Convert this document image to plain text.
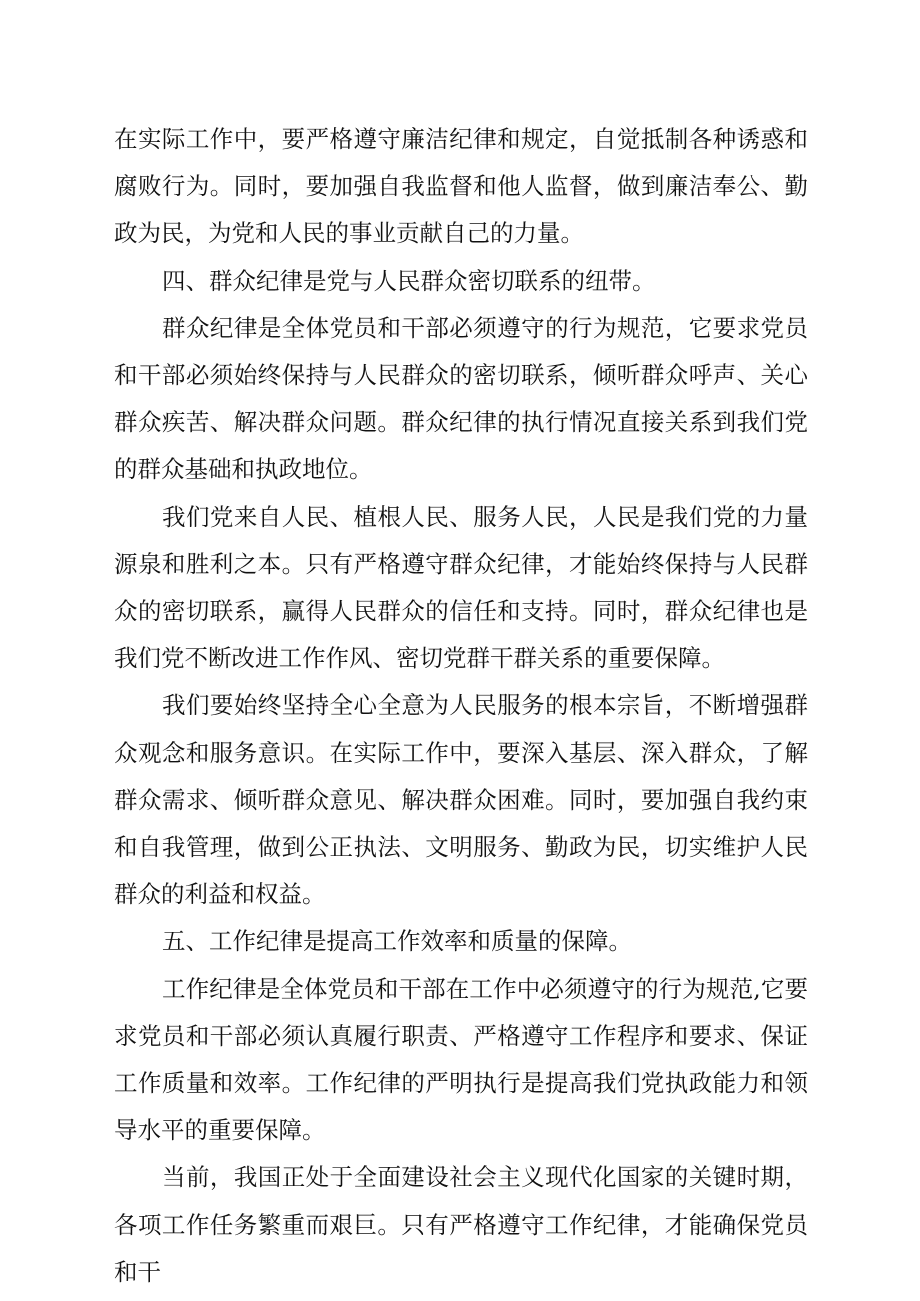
在实际工作中，要严格遵守廉洁纪律和规定，自觉抵制各种诱惑和腐败行为。同时，要加强自我监督和他人监督，做到廉洁奉公、勤政为民，为党和人民的事业贡献自己的力量。

四、群众纪律是党与人民群众密切联系的纽带。

群众纪律是全体党员和干部必须遵守的行为规范，它要求党员和干部必须始终保持与人民群众的密切联系，倾听群众呼声、关心群众疾苦、解决群众问题。群众纪律的执行情况直接关系到我们党的群众基础和执政地位。

我们党来自人民、植根人民、服务人民，人民是我们党的力量源泉和胜利之本。只有严格遵守群众纪律，才能始终保持与人民群众的密切联系，赢得人民群众的信任和支持。同时，群众纪律也是我们党不断改进工作作风、密切党群干群关系的重要保障。

我们要始终坚持全心全意为人民服务的根本宗旨，不断增强群众观念和服务意识。在实际工作中，要深入基层、深入群众，了解群众需求、倾听群众意见、解决群众困难。同时，要加强自我约束和自我管理，做到公正执法、文明服务、勤政为民，切实维护人民群众的利益和权益。

五、工作纪律是提高工作效率和质量的保障。

工作纪律是全体党员和干部在工作中必须遵守的行为规范,它要求党员和干部必须认真履行职责、严格遵守工作程序和要求、保证工作质量和效率。工作纪律的严明执行是提高我们党执政能力和领导水平的重要保障。

当前，我国正处于全面建设社会主义现代化国家的关键时期，各项工作任务繁重而艰巨。只有严格遵守工作纪律，才能确保党员和干
